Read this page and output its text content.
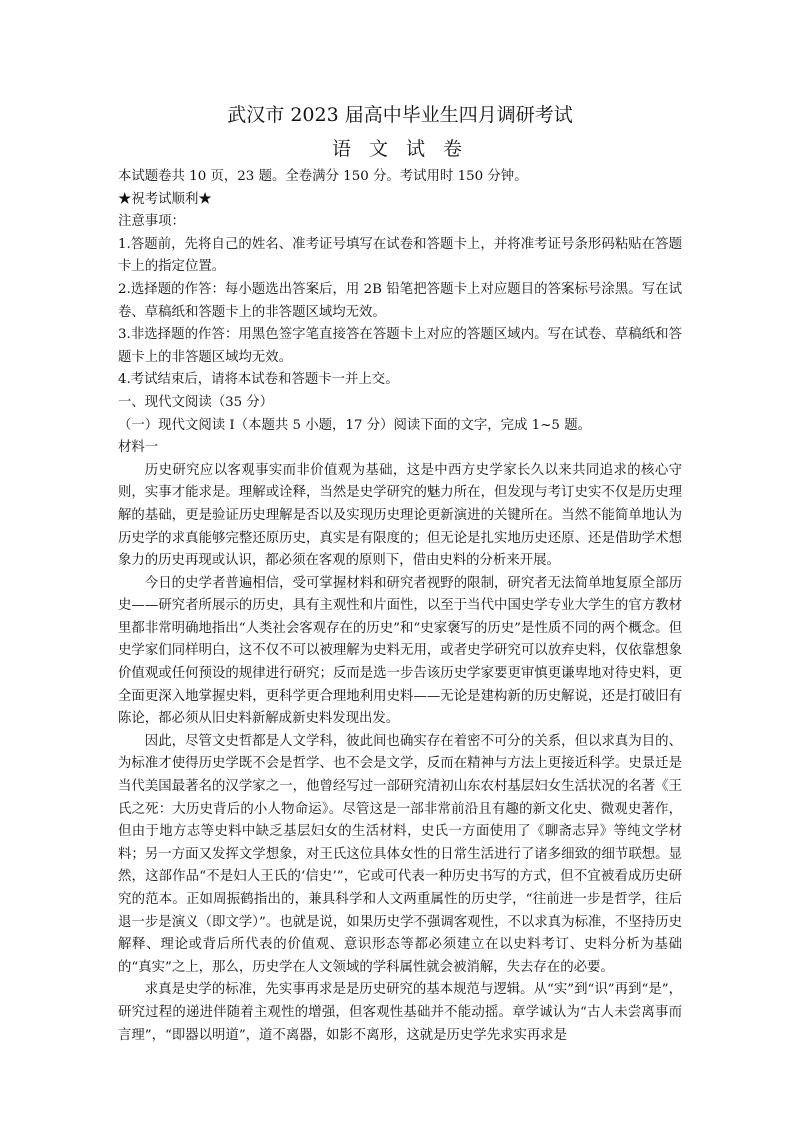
武汉市 2023 届高中毕业生四月调研考试
语 文 试 卷

本试题卷共 10 页，23 题。全卷满分 150 分。考试用时 150 分钟。

★祝考试顺利★

注意事项：

1.答题前，先将自己的姓名、准考证号填写在试卷和答题卡上，并将准考证号条形码粘贴在答题卡上的指定位置。

2.选择题的作答：每小题选出答案后，用 2B 铅笔把答题卡上对应题目的答案标号涂黑。写在试卷、草稿纸和答题卡上的非答题区域均无效。

3.非选择题的作答：用黑色签字笔直接答在答题卡上对应的答题区域内。写在试卷、草稿纸和答题卡上的非答题区域均无效。

4.考试结束后，请将本试卷和答题卡一并上交。

一、现代文阅读（35 分）

（一）现代文阅读 I（本题共 5 小题，17 分）阅读下面的文字，完成 1~5 题。

材料一

历史研究应以客观事实而非价值观为基础，这是中西方史学家长久以来共同追求的核心守则，实事才能求是。理解或诠释，当然是史学研究的魅力所在，但发现与考订史实不仅是历史理解的基础，更是验证历史理解是否以及实现历史理论更新演进的关键所在。当然不能简单地认为历史学的求真能够完整还原历史，真实是有限度的；但无论是扎实地历史还原、还是借助学术想象力的历史再现或认识，都必须在客观的原则下，借由史料的分析来开展。

今日的史学者普遍相信，受可掌握材料和研究者视野的限制，研究者无法简单地复原全部历史——研究者所展示的历史，具有主观性和片面性，以至于当代中国史学专业大学生的官方教材里都非常明确地指出“人类社会客观存在的历史”和“史家褒写的历史”是性质不同的两个概念。但史学家们同样明白，这不仅不可以被理解为史料无用，或者史学研究可以放弃史料，仅依靠想象价值观或任何预设的规律进行研究；反而是选一步告该历史学家要更审慎更谦卑地对待史料，更全面更深入地掌握史料，更科学更合理地利用史料——无论是建构新的历史解说，还是打破旧有陈论，都必须从旧史料新解成新史料发现出发。

因此，尽管文史哲都是人文学科，彼此间也确实存在着密不可分的关系，但以求真为目的、为标准才使得历史学既不会是哲学、也不会是文学，反而在精神与方法上更接近科学。史景迁是当代美国最著名的汉学家之一，他曾经写过一部研究清初山东农村基层妇女生活状况的名著《王氏之死：大历史背后的小人物命运》。尽管这是一部非常前沿且有趣的新文化史、微观史著作，但由于地方志等史料中缺乏基层妇女的生活材料，史氏一方面使用了《聊斋志异》等纯文学材料；另一方面又发挥文学想象，对王氏这位具体女性的日常生活进行了诸多细致的细节联想。显然，这部作品“不是妇人王氏的‘信史’”，它或可代表一种历史书写的方式，但不宜被看成历史研究的范本。正如周振鹤指出的，兼具科学和人文两重属性的历史学，“往前进一步是哲学，往后退一步是演义（即文学）”。也就是说，如果历史学不强调客观性，不以求真为标准，不坚持历史解释、理论或背后所代表的价值观、意识形态等都必须建立在以史料考订、史料分析为基础的“真实”之上，那么，历史学在人文领域的学科属性就会被消解，失去存在的必要。

求真是史学的标准，先实事再求是是历史研究的基本规范与逻辑。从“实”到“识”再到“是”，研究过程的递进伴随着主观性的增强，但客观性基础并不能动摇。章学诚认为“古人未尝离事而言理”，“即器以明道”，道不离器，如影不离形，这就是历史学先求实再求是
